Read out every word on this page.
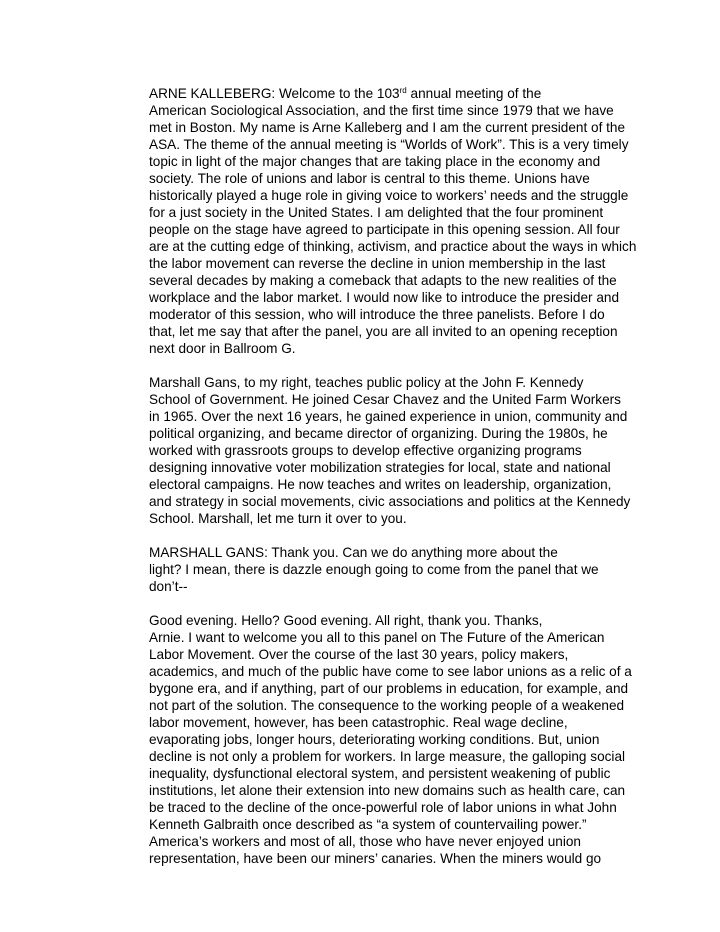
ARNE KALLEBERG: Welcome to the 103rd annual meeting of the
American Sociological Association, and the first time since 1979 that we have
met in Boston. My name is Arne Kalleberg and I am the current president of the
ASA. The theme of the annual meeting is “Worlds of Work”. This is a very timely
topic in light of the major changes that are taking place in the economy and
society. The role of unions and labor is central to this theme. Unions have
historically played a huge role in giving voice to workers’ needs and the struggle
for a just society in the United States. I am delighted that the four prominent
people on the stage have agreed to participate in this opening session. All four
are at the cutting edge of thinking, activism, and practice about the ways in which
the labor movement can reverse the decline in union membership in the last
several decades by making a comeback that adapts to the new realities of the
workplace and the labor market. I would now like to introduce the presider and
moderator of this session, who will introduce the three panelists. Before I do
that, let me say that after the panel, you are all invited to an opening reception
next door in Ballroom G.

Marshall Gans, to my right, teaches public policy at the John F. Kennedy
School of Government. He joined Cesar Chavez and the United Farm Workers
in 1965. Over the next 16 years, he gained experience in union, community and
political organizing, and became director of organizing. During the 1980s, he
worked with grassroots groups to develop effective organizing programs
designing innovative voter mobilization strategies for local, state and national
electoral campaigns. He now teaches and writes on leadership, organization,
and strategy in social movements, civic associations and politics at the Kennedy
School. Marshall, let me turn it over to you.

MARSHALL GANS: Thank you. Can we do anything more about the
light? I mean, there is dazzle enough going to come from the panel that we
don’t--

Good evening. Hello? Good evening. All right, thank you. Thanks,
Arnie. I want to welcome you all to this panel on The Future of the American
Labor Movement. Over the course of the last 30 years, policy makers,
academics, and much of the public have come to see labor unions as a relic of a
bygone era, and if anything, part of our problems in education, for example, and
not part of the solution. The consequence to the working people of a weakened
labor movement, however, has been catastrophic. Real wage decline,
evaporating jobs, longer hours, deteriorating working conditions. But, union
decline is not only a problem for workers. In large measure, the galloping social
inequality, dysfunctional electoral system, and persistent weakening of public
institutions, let alone their extension into new domains such as health care, can
be traced to the decline of the once-powerful role of labor unions in what John
Kenneth Galbraith once described as “a system of countervailing power.”
America’s workers and most of all, those who have never enjoyed union
representation, have been our miners’ canaries. When the miners would go
